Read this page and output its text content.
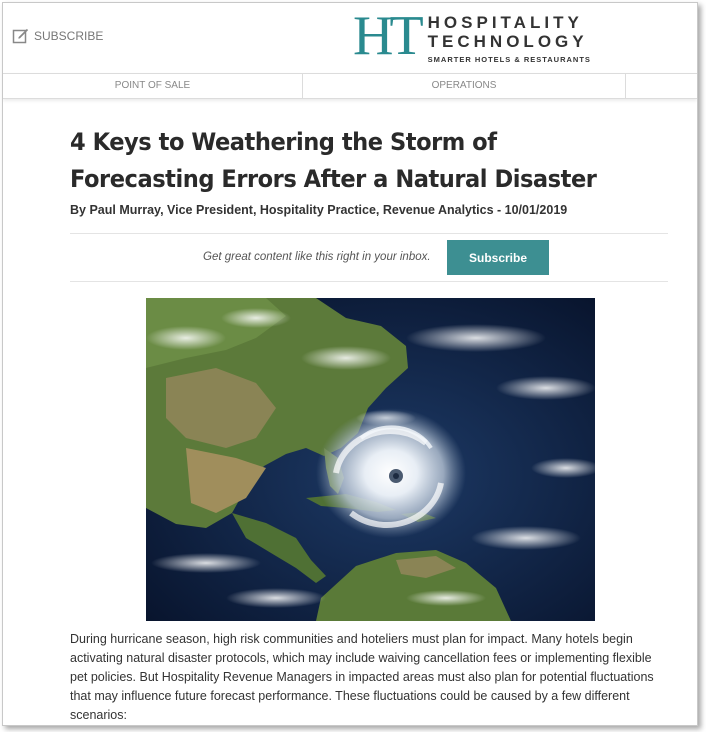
SUBSCRIBE	HT HOSPITALITY
TECHNOLOGY
SMARTER HOTELS & RESTAURANTS
POINT OF SALE	OPERATIONS
4 Keys to Weathering the Storm of Forecasting Errors After a Natural Disaster
By Paul Murray, Vice President, Hospitality Practice, Revenue Analytics - 10/01/2019
Get great content like this right in your inbox.	Subscribe

During hurricane season, high risk communities and hoteliers must plan for impact. Many hotels begin activating natural disaster protocols, which may include waiving cancellation fees or implementing flexible pet policies. But Hospitality Revenue Managers in impacted areas must also plan for potential fluctuations that may influence future forecast performance. These fluctuations could be caused by a few different scenarios:
